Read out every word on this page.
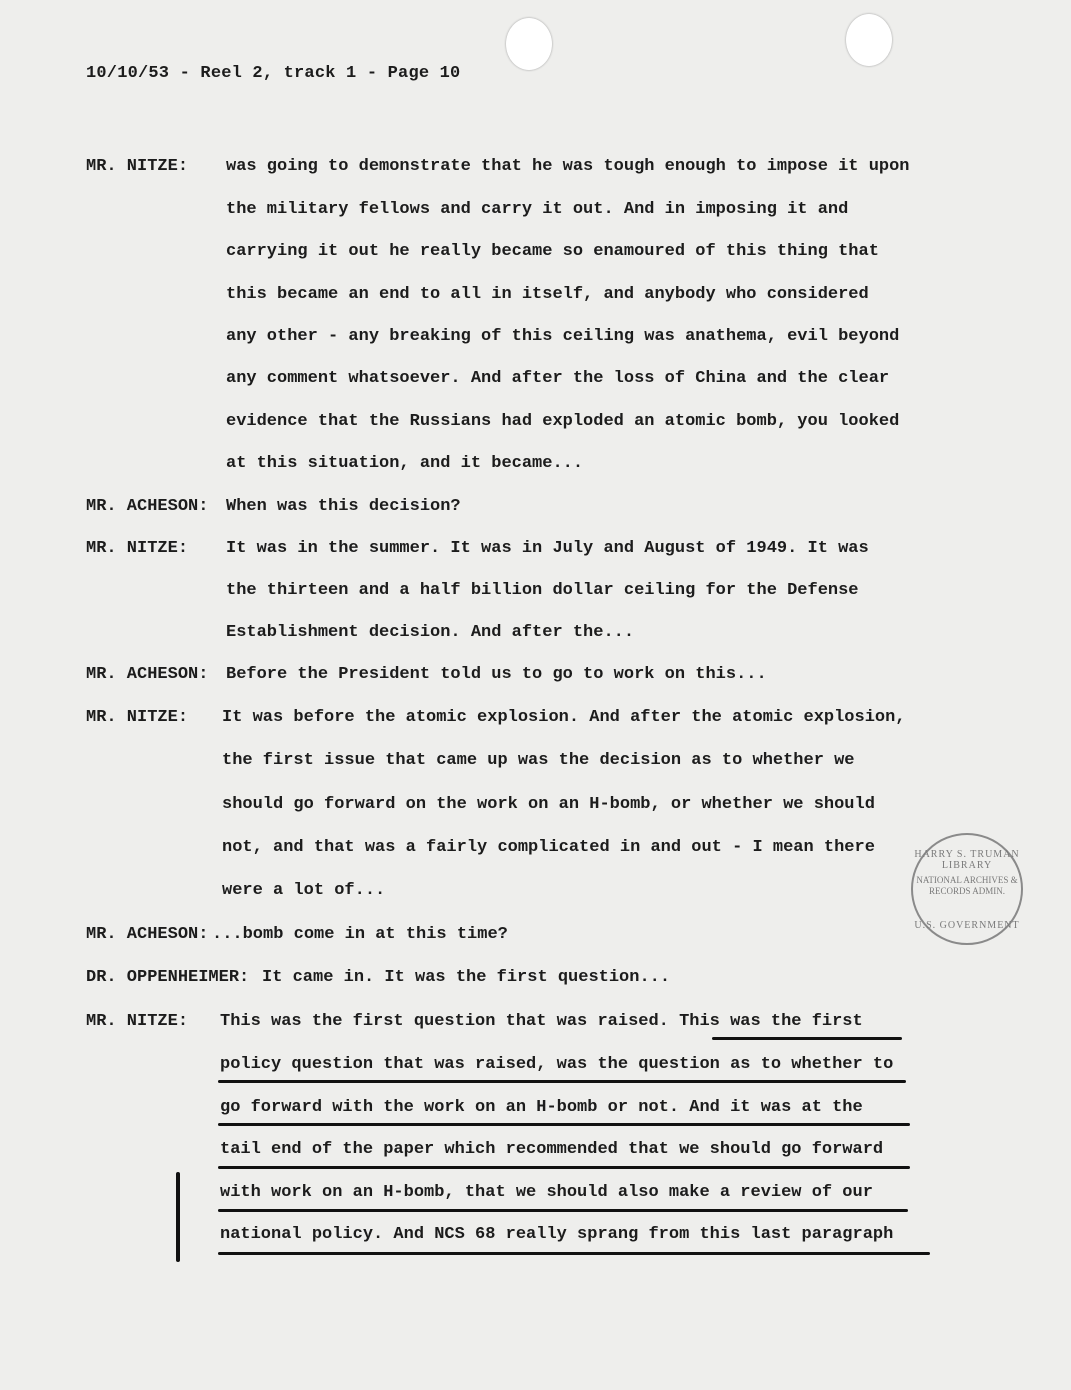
10/10/53 - Reel 2, track 1 - Page 10
MR. NITZE: was going to demonstrate that he was tough enough to impose it upon
the military fellows and carry it out. And in imposing it and
carrying it out he really became so enamoured of this thing that
this became an end to all in itself, and anybody who considered
any other - any breaking of this ceiling was anathema, evil beyond
any comment whatsoever. And after the loss of China and the clear
evidence that the Russians had exploded an atomic bomb, you looked
at this situation, and it became...
MR. ACHESON: When was this decision?
MR. NITZE: It was in the summer. It was in July and August of 1949. It was
the thirteen and a half billion dollar ceiling for the Defense
Establishment decision. And after the...
MR. ACHESON: Before the President told us to go to work on this...
MR. NITZE: It was before the atomic explosion. And after the atomic explosion,
the first issue that came up was the decision as to whether we
should go forward on the work on an H-bomb, or whether we should
not, and that was a fairly complicated in and out - I mean there
were a lot of...
MR. ACHESON: ...bomb come in at this time?
DR. OPPENHEIMER: It came in. It was the first question...
MR. NITZE: This was the first question that was raised. This was the first
policy question that was raised, was the question as to whether to
go forward with the work on an H-bomb or not. And it was at the
tail end of the paper which recommended that we should go forward
with work on an H-bomb, that we should also make a review of our
national policy. And NCS 68 really sprang from this last paragraph
HARRY S. TRUMAN LIBRARY
NATIONAL ARCHIVES & RECORDS ADMIN.
U.S. GOVERNMENT
